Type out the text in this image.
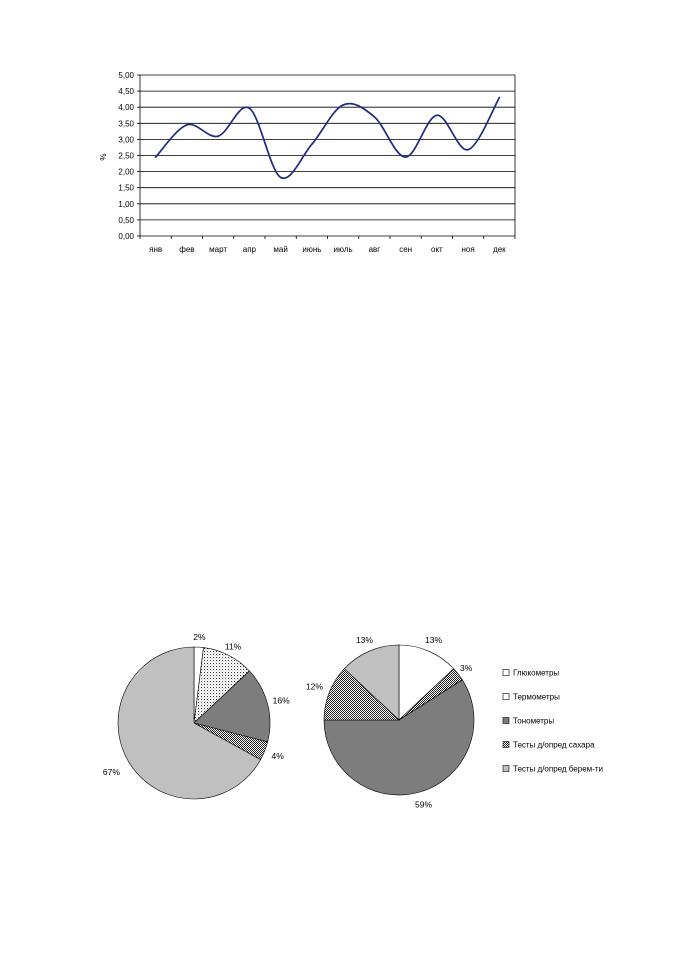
0,00
0,50
1,00
1,50
2,00
2,50
3,00
3,50
4,00
4,50
5,00
янв фев март апр май июнь июль авг сен окт ноя дек
%
2%
11%
16%
4%
67%
13%
3%
59%
12%
13%
Глюкометры
Термометры
Тонометры
Тесты д/опред сахара
Тесты д/опред берем-ти
